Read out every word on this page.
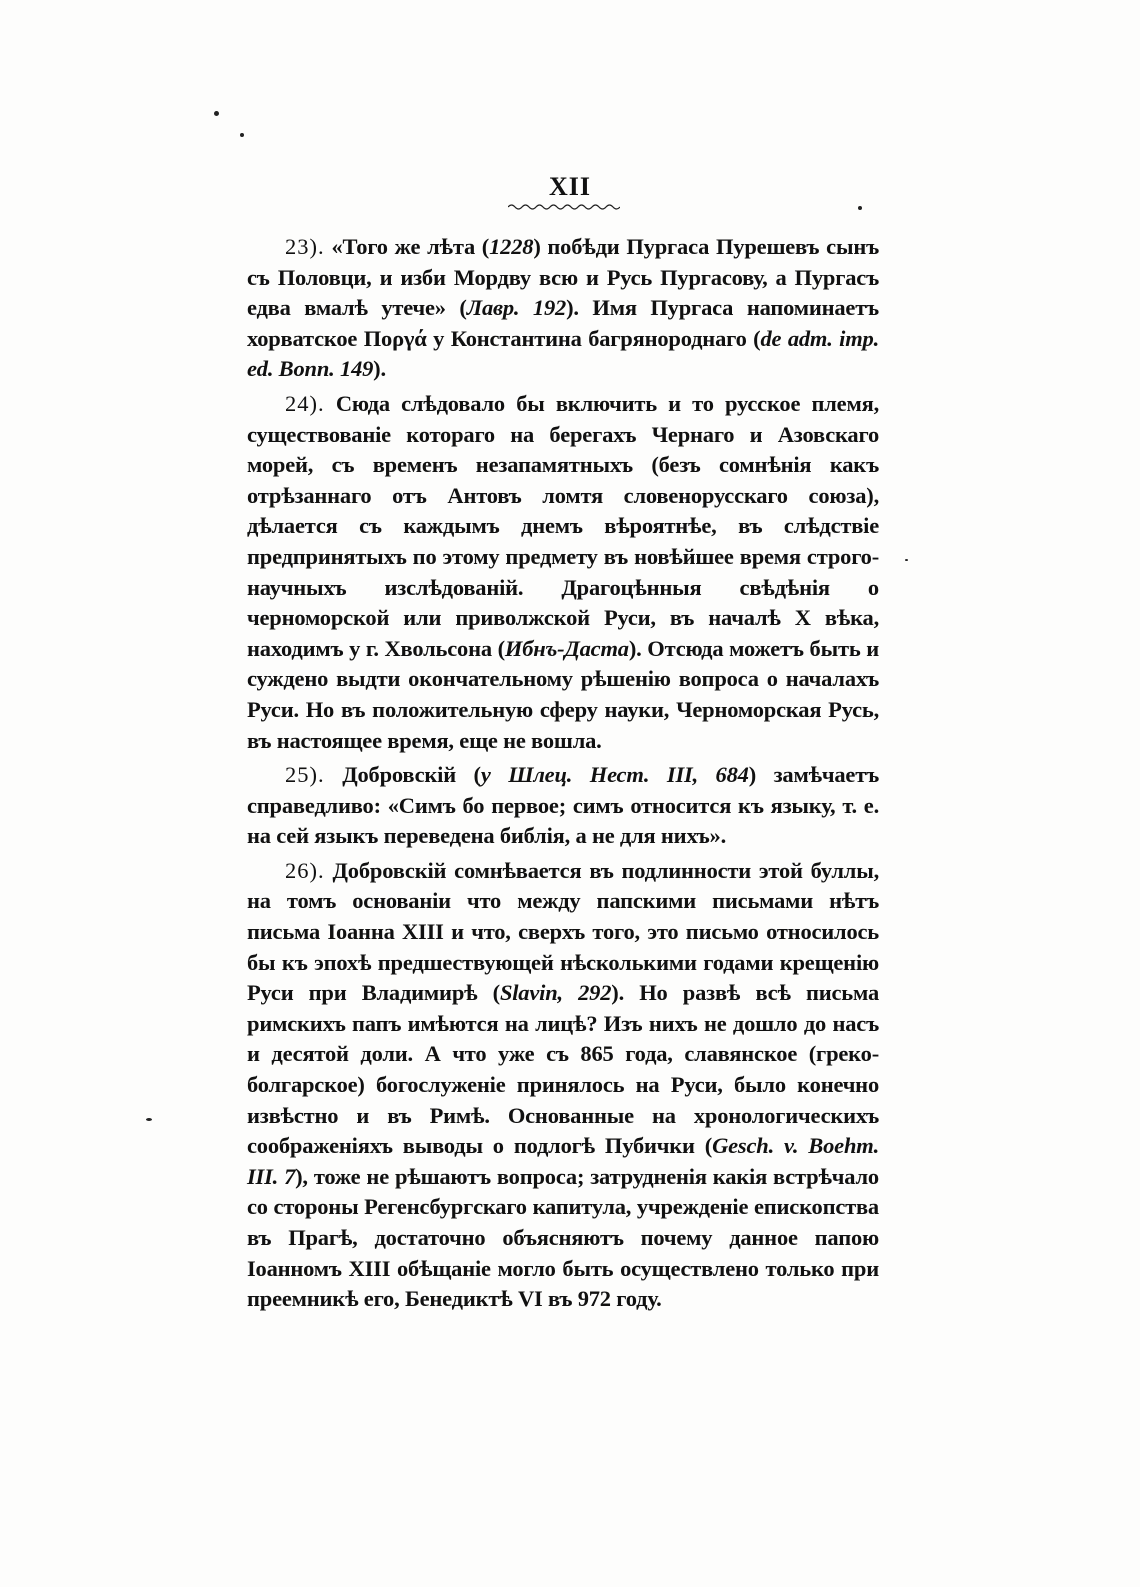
XII

23). «Того же лѣта (1228) побѣди Пургаса Пурешевъ сынъ съ Половци, и изби Мордву всю и Русь Пургасову, а Пургасъ едва вмалѣ утече» (Лавр. 192). Имя Пургаса напоминаетъ хорватское Ποργά у Константина багрянороднаго (de adm. imp. ed. Bonn. 149).

24). Сюда слѣдовало бы включить и то русское племя, существованіе котораго на берегахъ Чернаго и Азовскаго морей, съ временъ незапамятныхъ (безъ сомнѣнія какъ отрѣзаннаго отъ Антовъ ломтя словенорусскаго союза), дѣлается съ каждымъ днемъ вѣроятнѣе, въ слѣдствіе предпринятыхъ по этому предмету въ новѣйшее время строго-научныхъ изслѣдованій. Драгоцѣнныя свѣдѣнія о черноморской или приволжской Руси, въ началѣ X вѣка, находимъ у г. Хвольсона (Ибнъ-Даста). Отсюда можетъ быть и суждено выдти окончательному рѣшенію вопроса о началахъ Руси. Но въ положительную сферу науки, Черноморская Русь, въ настоящее время, еще не вошла.

25). Добровскій (у Шлец. Нест. III, 684) замѣчаетъ справедливо: «Симъ бо первое; симъ относится къ языку, т. е. на сей языкъ переведена библія, а не для нихъ».

26). Добровскій сомнѣвается въ подлинности этой буллы, на томъ основаніи что между папскими письмами нѣтъ письма Іоанна XIII и что, сверхъ того, это письмо относилось бы къ эпохѣ предшествующей нѣсколькими годами крещенію Руси при Владимирѣ (Slavin, 292). Но развѣ всѣ письма римскихъ папъ имѣются на лицѣ? Изъ нихъ не дошло до насъ и десятой доли. А что уже съ 865 года, славянское (греко-болгарское) богослуженіе принялось на Руси, было конечно извѣстно и въ Римѣ. Основанные на хронологическихъ соображеніяхъ выводы о подлогѣ Пубички (Gesch. v. Boehm. III. 7), тоже не рѣшаютъ вопроса; затрудненія какія встрѣчало со стороны Регенсбургскаго капитула, учрежденіе епископства въ Прагѣ, достаточно объясняютъ почему данное папою Іоанномъ XIII обѣщаніе могло быть осуществлено только при преемникѣ его, Бенедиктѣ VI въ 972 году.
